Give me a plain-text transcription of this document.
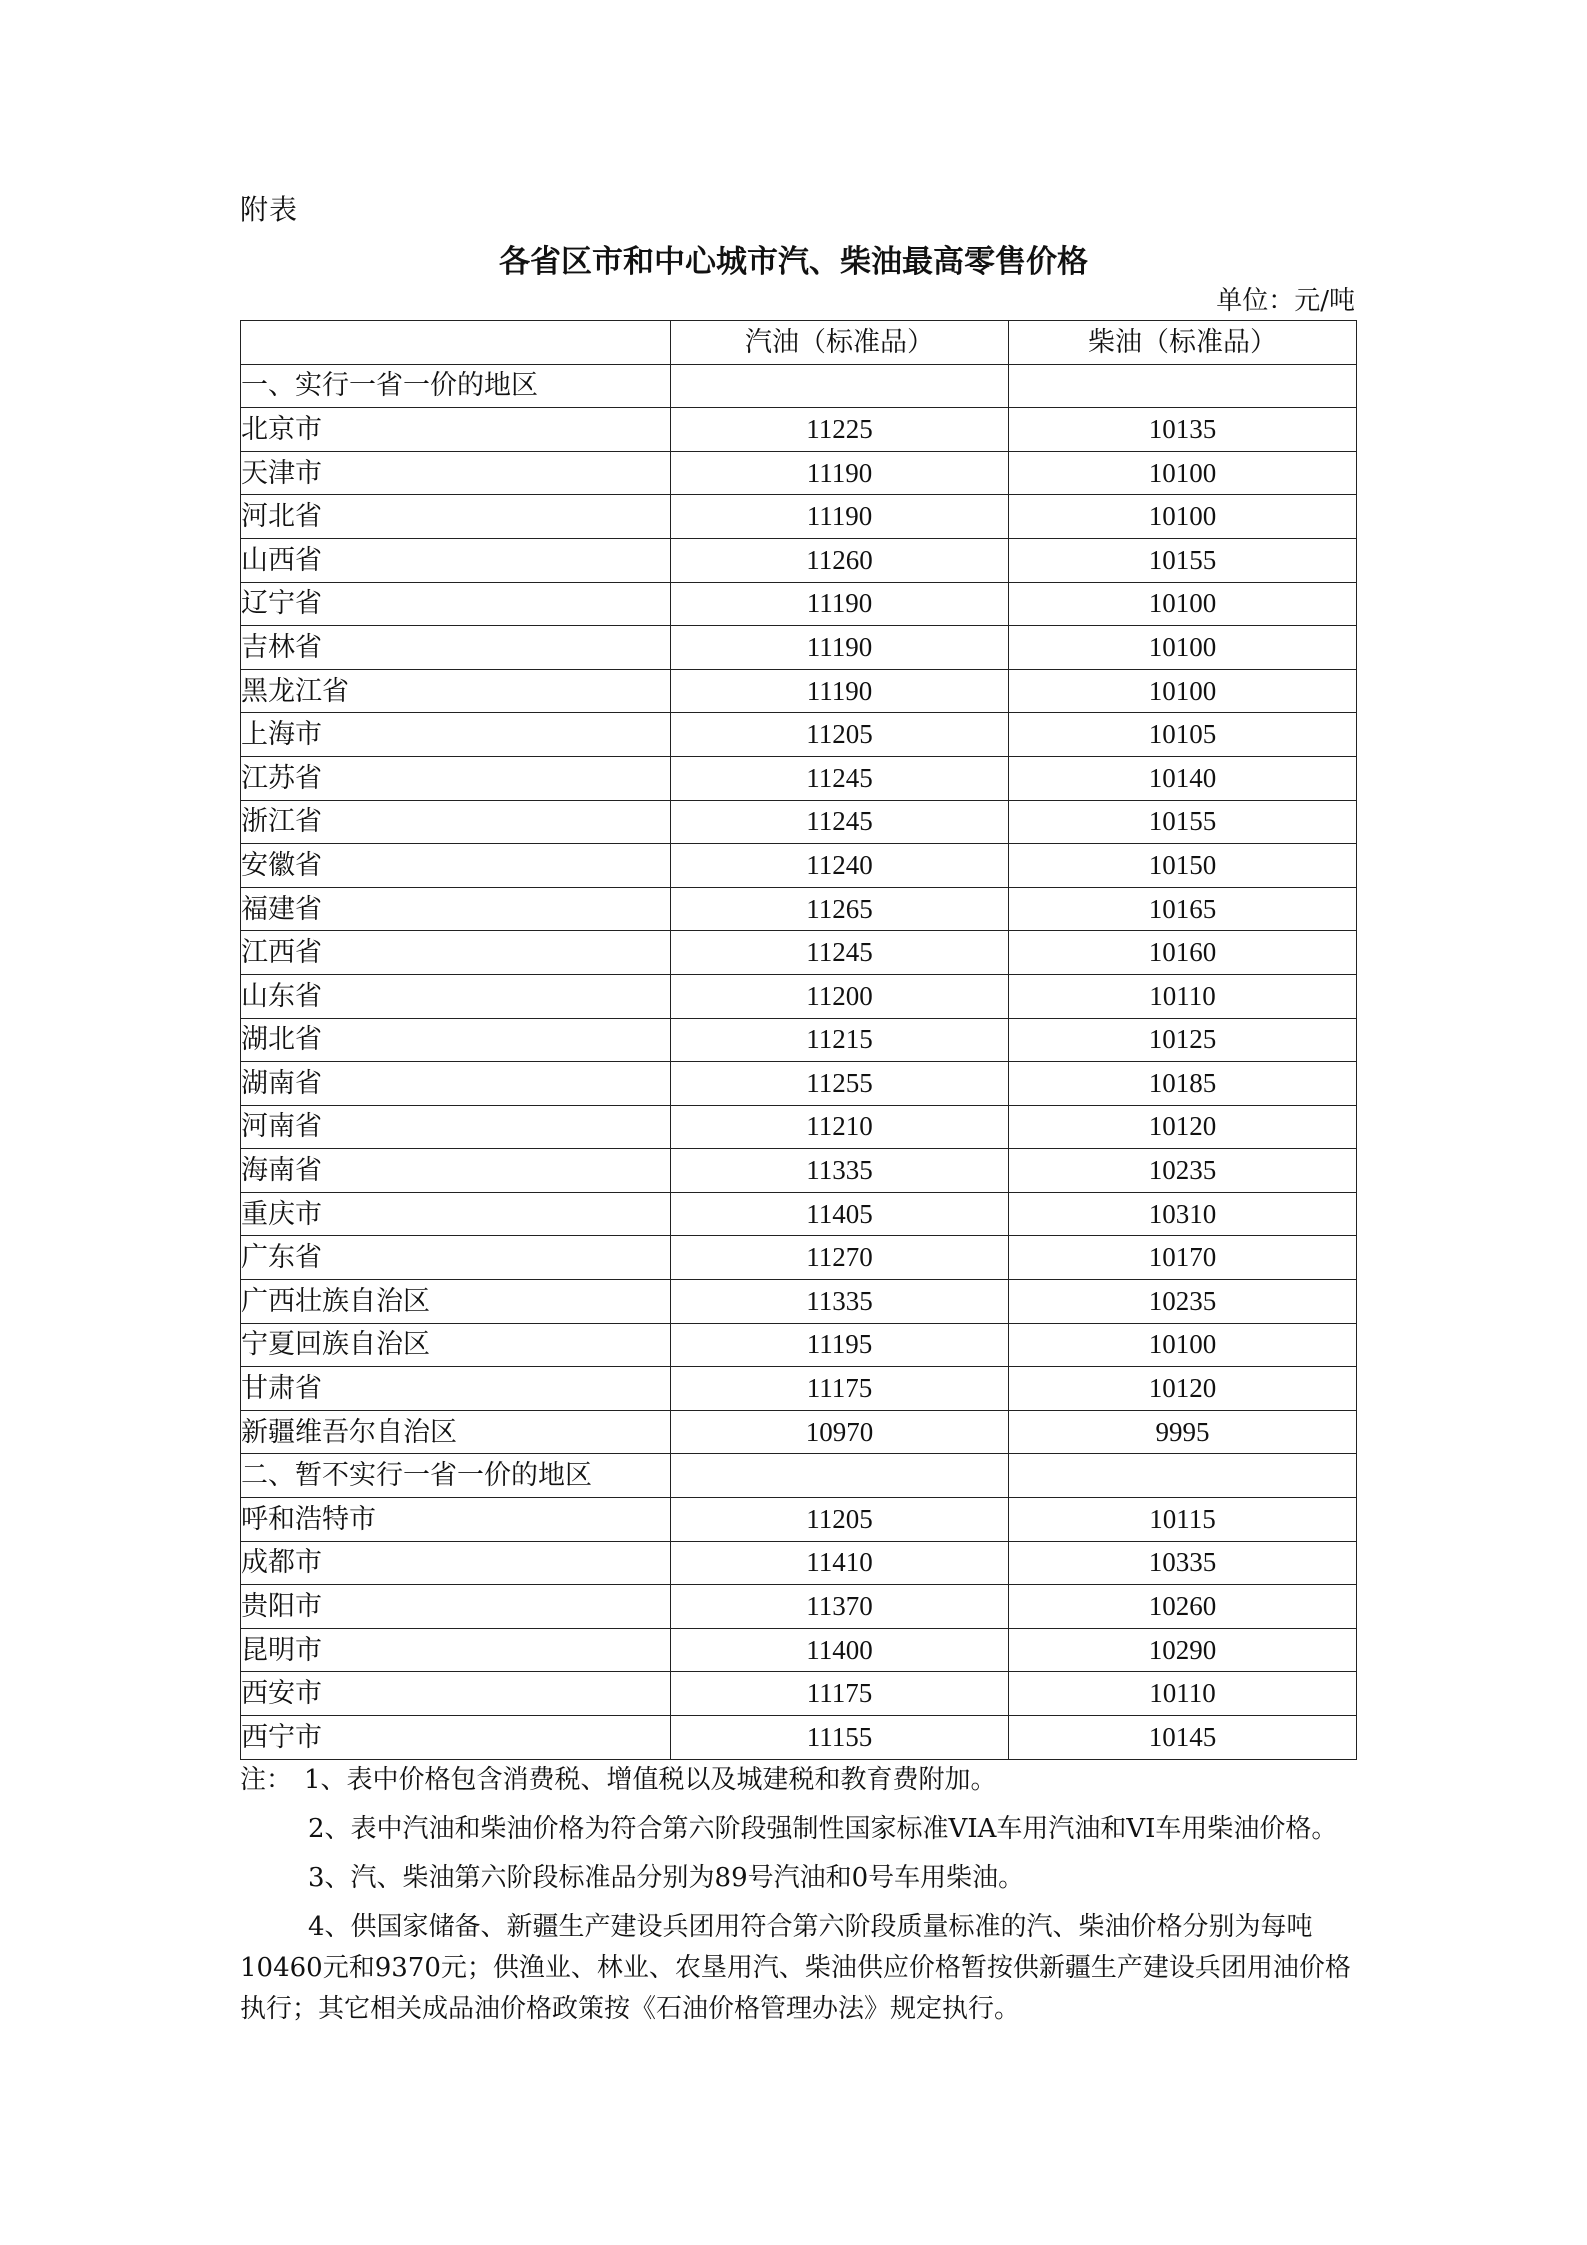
附表
各省区市和中心城市汽、柴油最高零售价格
单位：元/吨
	汽油（标准品）	柴油（标准品）
一、实行一省一价的地区		
北京市	11225	10135
天津市	11190	10100
河北省	11190	10100
山西省	11260	10155
辽宁省	11190	10100
吉林省	11190	10100
黑龙江省	11190	10100
上海市	11205	10105
江苏省	11245	10140
浙江省	11245	10155
安徽省	11240	10150
福建省	11265	10165
江西省	11245	10160
山东省	11200	10110
湖北省	11215	10125
湖南省	11255	10185
河南省	11210	10120
海南省	11335	10235
重庆市	11405	10310
广东省	11270	10170
广西壮族自治区	11335	10235
宁夏回族自治区	11195	10100
甘肃省	11175	10120
新疆维吾尔自治区	10970	9995
二、暂不实行一省一价的地区		
呼和浩特市	11205	10115
成都市	11410	10335
贵阳市	11370	10260
昆明市	11400	10290
西安市	11175	10110
西宁市	11155	10145
注： 1、表中价格包含消费税、增值税以及城建税和教育费附加。

2、表中汽油和柴油价格为符合第六阶段强制性国家标准VIA车用汽油和VI车用柴油价格。

3、汽、柴油第六阶段标准品分别为89号汽油和0号车用柴油。

4、供国家储备、新疆生产建设兵团用符合第六阶段质量标准的汽、柴油价格分别为每吨10460元和9370元；供渔业、林业、农垦用汽、柴油供应价格暂按供新疆生产建设兵团用油价格执行；其它相关成品油价格政策按《石油价格管理办法》规定执行。
